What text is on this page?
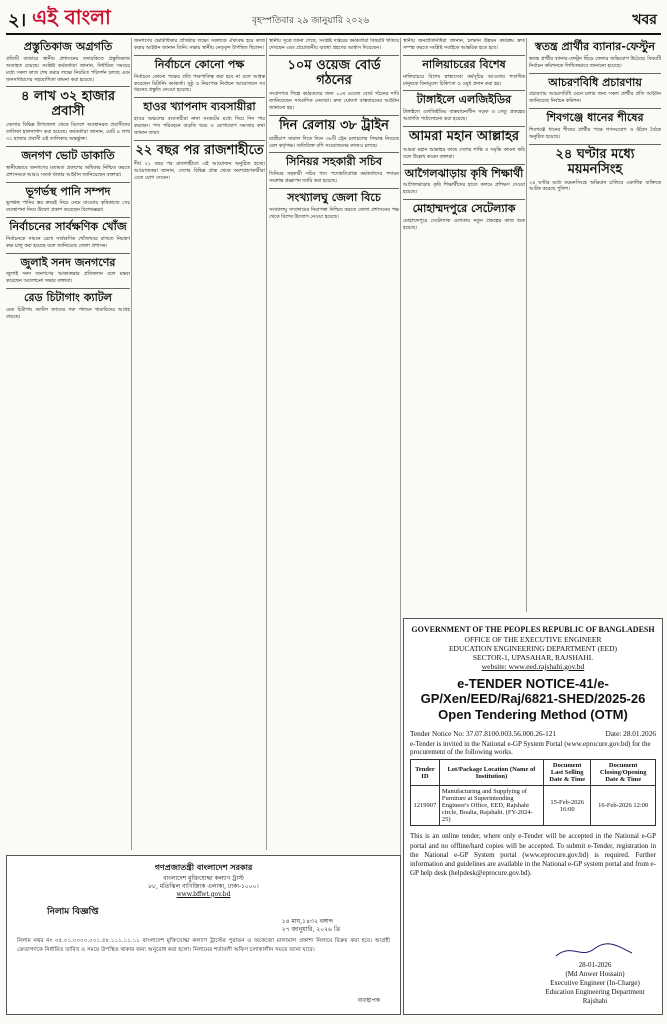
২। এই বাংলা	বৃহস্পতিবার ২৯ জানুয়ারি ২০২৬	খবর
প্রস্তুতিকাজ অগ্রগতি

প্রতিটি বাজারে স্থানীয় প্রশাসনের তদারকিতে প্রস্তুতিকাজ অব্যাহত রয়েছে। সংশ্লিষ্ট কর্মকর্তারা জানান, নির্ধারিত সময়ের মধ্যে সকল কাজ শেষ করার লক্ষ্যে নিয়মিত পরিদর্শন চলছে এবং জনসাধারণের সহযোগিতা কামনা করা হয়েছে।

৪ লাখ ৩২ হাজার প্রবাসী

জেলার বিভিন্ন উপজেলা থেকে বিদেশে অবস্থানরত প্রবাসীদের তালিকা হালনাগাদ করা হয়েছে। কর্মকর্তারা জানান, মোট ৪ লাখ ৩২ হাজার প্রবাসী এই তালিকায় অন্তর্ভুক্ত।

জনগণ ভোট ডাকাতি

স্থানীয়ভাবে জনগণের মতামত প্রকাশের অধিকার নিশ্চিত করতে প্রশাসনকে আরও সতর্ক থাকার আহ্বান জানিয়েছেন বক্তারা।

ভূগর্ভস্থ পানি সম্পদ

ভূগর্ভস্থ পানির স্তর ক্রমেই নিচে নেমে যাওয়ায় কৃষিকাজে সেচ ব্যবস্থাপনা নিয়ে উদ্বেগ প্রকাশ করেছেন বিশেষজ্ঞরা।

নির্বাচনের সার্বক্ষণিক খোঁজ

নির্বাচনকে সামনে রেখে সার্বক্ষণিক খোঁজখবর রাখতে নিয়ন্ত্রণ কক্ষ চালু করা হয়েছে বলে জানিয়েছে জেলা প্রশাসন।

জুলাই সনদ জনগণের

জুলাই সনদ জনগণের আকাঙ্ক্ষার প্রতিফলন বলে মন্তব্য করেছেন আলোচনা সভার বক্তারা।

রেড চিটাগাং ক্যাটল

রেড চিটাগাং ক্যাটল জাতের গরু পালনে খামারিদের আগ্রহ বাড়ছে।

জনগণের ভোটাধিকার প্রতিষ্ঠার লক্ষ্যে সকলকে ঐক্যবদ্ধ হয়ে কাজ করার আহ্বান জানান তিনি। সভায় স্থানীয় নেতৃবৃন্দ উপস্থিত ছিলেন।

নির্বাচনে কোনো পক্ষ

নির্বাচনে কোনো পক্ষের প্রতি পক্ষপাতিত্ব করা হবে না বলে আশ্বস্ত করেছেন রিটার্নিং কর্মকর্তা। সুষ্ঠু ও নিরপেক্ষ নির্বাচন আয়োজনে সব ধরনের প্রস্তুতি নেওয়া হয়েছে।

হাওর খ্যাপনাদ ব্যবসায়ীরা

হাওর অঞ্চলের ব্যবসায়ীরা নানা সংকটের মধ্যে দিয়ে দিন পার করছেন। পণ্য পরিবহনে বাড়তি খরচ ও যোগাযোগ সমস্যার কথা জানান তারা।

২২ বছর পর রাজশাহীতে

দীর্ঘ ২২ বছর পর রাজশাহীতে এই আয়োজন অনুষ্ঠিত হচ্ছে। আয়োজকরা জানান, দেশের বিভিন্ন প্রান্ত থেকে অংশগ্রহণকারীরা এতে যোগ দেবেন।

স্থানীয় সূত্রে জানা গেছে, সংশ্লিষ্ট দপ্তরের কর্মকর্তারা বিষয়টি খতিয়ে দেখছেন এবং প্রয়োজনীয় ব্যবস্থা গ্রহণের আশ্বাস দিয়েছেন।

১০ম ওয়েজ বোর্ড গঠনের

সংবাদপত্র শিল্পে কর্মরতদের জন্য ১০ম ওয়েজ বোর্ড গঠনের দাবি জানিয়েছেন সাংবাদিক নেতারা। দ্রুত ঘোষণা বাস্তবায়নের আহ্বান জানানো হয়।

দিন রেলায় ৩৮ ট্রাইন

যাত্রীচাপ সামাল দিতে দিনে ৩৮টি ট্রেন চলাচলের সিদ্ধান্ত নিয়েছে রেল কর্তৃপক্ষ। অতিরিক্ত বগি সংযোজনের কাজও চলছে।

সিনিয়র সহকারী সচিব

সিনিয়র সহকারী সচিব পদে পদোন্নতিপ্রাপ্ত কর্মকর্তাদের পদায়ন সংক্রান্ত প্রজ্ঞাপন জারি করা হয়েছে।

সংখ্যালঘু জেলা বিচে

সংখ্যালঘু সম্প্রদায়ের নিরাপত্তা নিশ্চিত করতে জেলা প্রশাসনের পক্ষ থেকে বিশেষ উদ্যোগ নেওয়া হয়েছে।

স্থানীয় জনপ্রতিনিধিরা জানান, চলমান উন্নয়ন কার্যক্রম দ্রুত সম্পন্ন করতে সংশ্লিষ্ট সবাইকে আন্তরিক হতে হবে।

নালিয়াচরের বিশেষ

নালিয়াচরে বিশেষ স্বাস্থ্যসেবা কর্মসূচির আওতায় শতাধিক মানুষকে বিনামূল্যে চিকিৎসা ও ওষুধ প্রদান করা হয়।

টাঙ্গাইলে এলজিইডির

টাঙ্গাইলে এলজিইডির বাস্তবায়নাধীন সড়ক ও সেতু প্রকল্পের অগ্রগতি পর্যালোচনা করা হয়েছে।

আমরা মহান আল্লাহর

আমরা মহান আল্লাহর কাছে দেশের শান্তি ও সমৃদ্ধি কামনা করি বলে উল্লেখ করেন বক্তারা।

আগৈলঝাড়ায় কৃষি শিক্ষার্থী

আগৈলঝাড়ায় কৃষি শিক্ষার্থীদের হাতে কলমে প্রশিক্ষণ দেওয়া হয়েছে।

মোহাম্মদপুরে সেটেল্যাক

মোহাম্মদপুরে সেটেল্যাক এলাকায় নতুন প্রকল্পের কাজ শুরু হয়েছে।

স্বতন্ত্র প্রার্থীর ব্যানার-ফেস্টুন

স্বতন্ত্র প্রার্থীর ব্যানার-ফেস্টুন ছিঁড়ে ফেলার অভিযোগ উঠেছে। বিষয়টি নির্বাচন কমিশনকে লিখিতভাবে জানানো হয়েছে।

আচরণবিধি প্রচারণায়

প্রচারণায় আচরণবিধি মেনে চলার জন্য সকল প্রার্থীর প্রতি আহ্বান জানিয়েছে নির্বাচন কমিশন।

শিবগঞ্জে ধানের শীষের

শিবগঞ্জে ধানের শীষের প্রার্থীর পক্ষে গণসংযোগ ও উঠান বৈঠক অনুষ্ঠিত হয়েছে।

২৪ ঘণ্টার মধ্যে ময়মনসিংহ

২৪ ঘণ্টার মধ্যে ময়মনসিংহে অভিযান চালিয়ে একাধিক ব্যক্তিকে আটক করেছে পুলিশ।

GOVERNMENT OF THE PEOPLES REPUBLIC OF BANGLADESH
OFFICE OF THE EXECUTIVE ENGINEER
EDUCATION ENGINEERING DEPARTMENT (EED)
SECTOR-1, UPASAHAR, RAJSHAHI.
website: www.eed.rajshahi.gov.bd
e-TENDER NOTICE-41/e-GP/Xen/EED/Raj/6821-SHED/2025-26
Open Tendering Method (OTM)
Tender Notice No: 37.07.8100.003.56.000.26-121	Date: 28.01.2026
e-Tender is invited in the National e-GP System Portal (www.eprocure.gov.bd) for the procurement of the following works.
Tender ID	Lot/Package Location (Name of Institution)	Document Last Selling Date & Time	Document Closing/Opening Date & Time
1219907	Manufacturing and Supplying of Furniture at Superintending Engineer's Office, EED, Rajshahi circle, Boalia, Rajshahi. (FY-2024-25)	15-Feb-2026 16:00	16-Feb-2026 12:00
This is an online tender, where only e-Tender will be accepted in the National e-GP portal and no offline/hard copies will be accepted. To submit e-Tender, registration in the National e-GP System portal (www.eprocure.gov.bd) is required. Further information and guidelines are available in the National e-GP system portal and from e-GP help desk (helpdesk@eprocure.gov.bd).
28-01-2026
(Md Anwer Hossain)
Executive Engineer (In-Charge)
Education Engineering Department
Rajshahi
গণপ্রজাতন্ত্রী বাংলাদেশ সরকার
বাংলাদেশ মুক্তিযোদ্ধা কল্যাণ ট্রাস্ট
৮৮, মতিঝিল বাণিজ্যিক এলাকা, ঢাকা-১০০০।
www.bffwt.gov.bd
নিলাম বিজ্ঞপ্তি
১৪ মাঘ,১৪৩২ বঙ্গাব্দ
২৭ জানুয়ারি, ২০২৬ খ্রি
নিলাম নথর নং ৩৫.০১.০০০০.০০১.৫৮.১১১.১১.১১ বাংলাদেশ মুক্তিযোদ্ধা কল্যাণ ট্রাস্টের পুরাতন ও অকেজো মালামাল প্রকাশ্য নিলামে বিক্রয় করা হবে। আগ্রহী ক্রেতাগণকে নির্ধারিত তারিখ ও সময়ে উপস্থিত থাকার জন্য অনুরোধ করা হলো। নিলামের শর্তাবলী অফিস চলাকালীন সময়ে জানা যাবে।
ব্যবস্থাপক
